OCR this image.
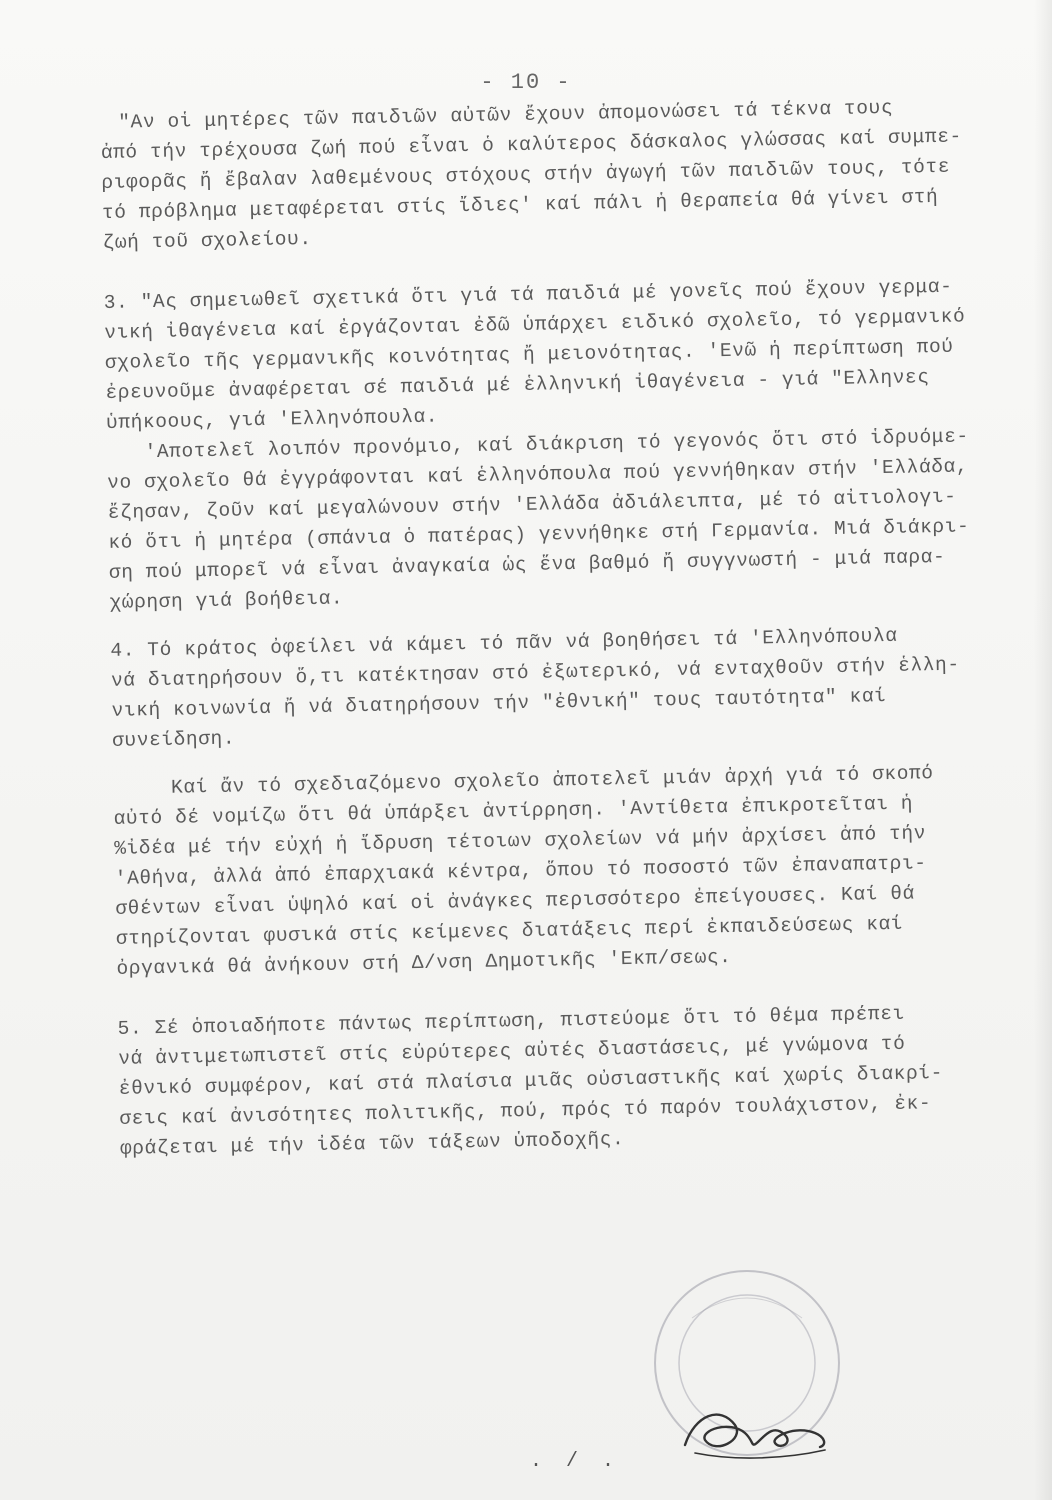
- 10 -
"Αν οἱ μητέρες τῶν παιδιῶν αὐτῶν ἔχουν ἀπομονώσει τά τέκνα τους
ἀπό τήν τρέχουσα ζωή πού εἶναι ὁ καλύτερος δάσκαλος γλώσσας καί συμπε-
ριφορᾶς ἤ ἔβαλαν λαθεμένους στόχους στήν ἀγωγή τῶν παιδιῶν τους, τότε
τό πρόβλημα μεταφέρεται στίς ἴδιες' καί πάλι ἡ θεραπεία θά γίνει στή
ζωή τοῦ σχολείου.
3. "Ας σημειωθεῖ σχετικά ὅτι γιά τά παιδιά μέ γονεῖς πού ἔχουν γερμα-
νική ἰθαγένεια καί ἐργάζονται ἐδῶ ὑπάρχει ειδικό σχολεῖο, τό γερμανικό
σχολεῖο τῆς γερμανικῆς κοινότητας ἤ μειονότητας. 'Ενῶ ἡ περίπτωση πού
ἐρευνοῦμε ἀναφέρεται σέ παιδιά μέ ἑλληνική ἰθαγένεια - γιά "Ελληνες
ὑπήκοους, γιά 'Ελληνόπουλα.
'Αποτελεῖ λοιπόν προνόμιο, καί διάκριση τό γεγονός ὅτι στό ἱδρυόμε-
νο σχολεῖο θά ἐγγράφονται καί ἑλληνόπουλα πού γεννήθηκαν στήν 'Ελλάδα,
ἔζησαν, ζοῦν καί μεγαλώνουν στήν 'Ελλάδα ἀδιάλειπτα, μέ τό αἰτιολογι-
κό ὅτι ἡ μητέρα (σπάνια ὁ πατέρας) γεννήθηκε στή Γερμανία. Μιά διάκρι-
ση πού μπορεῖ νά εἶναι ἀναγκαία ὡς ἕνα βαθμό ἤ συγγνωστή - μιά παρα-
χώρηση γιά βοήθεια.
4. Τό κράτος ὀφείλει νά κάμει τό πᾶν νά βοηθήσει τά 'Ελληνόπουλα
νά διατηρήσουν ὅ,τι κατέκτησαν στό ἐξωτερικό, νά ενταχθοῦν στήν ἑλλη-
νική κοινωνία ἤ νά διατηρήσουν τήν "ἐθνική" τους ταυτότητα" καί
συνείδηση.
Καί ἄν τό σχεδιαζόμενο σχολεῖο ἀποτελεῖ μιάν ἀρχή γιά τό σκοπό
αὐτό δέ νομίζω ὅτι θά ὑπάρξει ἀντίρρηση. 'Αντίθετα ἐπικροτεῖται ἡ
%ἰδέα μέ τήν εὐχή ἡ ἵδρυση τέτοιων σχολείων νά μήν ἀρχίσει ἀπό τήν
'Αθήνα, ἀλλά ἀπό ἐπαρχιακά κέντρα, ὅπου τό ποσοστό τῶν ἐπαναπατρι-
σθέντων εἶναι ὑψηλό καί οἱ ἀνάγκες περισσότερο ἐπείγουσες. Καί θά
στηρίζονται φυσικά στίς κείμενες διατάξεις περί ἐκπαιδεύσεως καί
ὀργανικά θά ἀνήκουν στή Δ/νση Δημοτικῆς 'Εκπ/σεως.
5. Σέ ὁποιαδήποτε πάντως περίπτωση, πιστεύομε ὅτι τό θέμα πρέπει
νά ἀντιμετωπιστεῖ στίς εὐρύτερες αὐτές διαστάσεις, μέ γνώμονα τό
ἐθνικό συμφέρον, καί στά πλαίσια μιᾶς οὐσιαστικῆς καί χωρίς διακρί-
σεις καί ἀνισότητες πολιτικῆς, πού, πρός τό παρόν τουλάχιστον, ἐκ-
φράζεται μέ τήν ἰδέα τῶν τάξεων ὑποδοχῆς.
. / .
